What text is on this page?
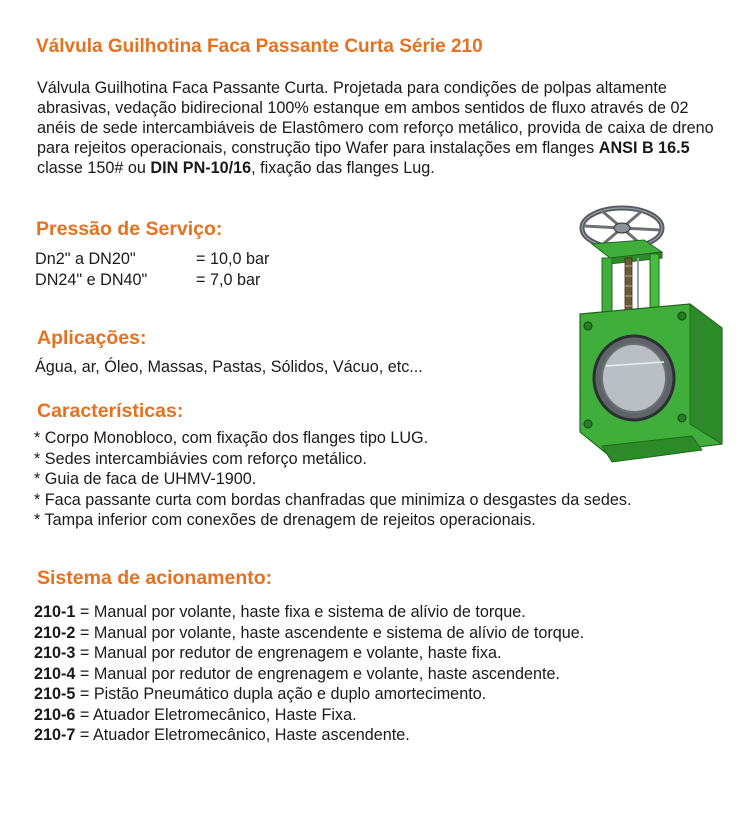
Válvula Guilhotina Faca Passante Curta Série 210
Válvula Guilhotina Faca Passante Curta. Projetada para condições de polpas altamente abrasivas, vedação bidirecional 100% estanque em ambos sentidos de fluxo através de 02 anéis de sede intercambiáveis de Elastômero com reforço metálico, provida de caixa de dreno para rejeitos operacionais, construção tipo Wafer para instalações em flanges ANSI B 16.5 classe 150# ou DIN PN-10/16, fixação das flanges Lug.
Pressão de Serviço:
Dn2" a DN20"	= 10,0 bar
DN24" e DN40"	= 7,0 bar
Aplicações:
Água, ar, Óleo, Massas, Pastas, Sólidos, Vácuo, etc...
Características:
* Corpo Monobloco, com fixação dos flanges tipo LUG.
* Sedes intercambiávies com reforço metálico.
* Guia de faca de UHMV-1900.
* Faca passante curta com bordas chanfradas que minimiza o desgastes da sedes.
* Tampa inferior com conexões de drenagem de rejeitos operacionais.
Sistema de acionamento:
210-1 = Manual por volante, haste fixa e sistema de alívio de torque.
210-2 = Manual por volante, haste ascendente e sistema de alívio de torque.
210-3 = Manual por redutor de engrenagem e volante, haste fixa.
210-4 = Manual por redutor de engrenagem e volante, haste ascendente.
210-5 = Pistão Pneumático dupla ação e duplo amortecimento.
210-6 = Atuador Eletromecânico, Haste Fixa.
210-7 = Atuador Eletromecânico, Haste ascendente.
